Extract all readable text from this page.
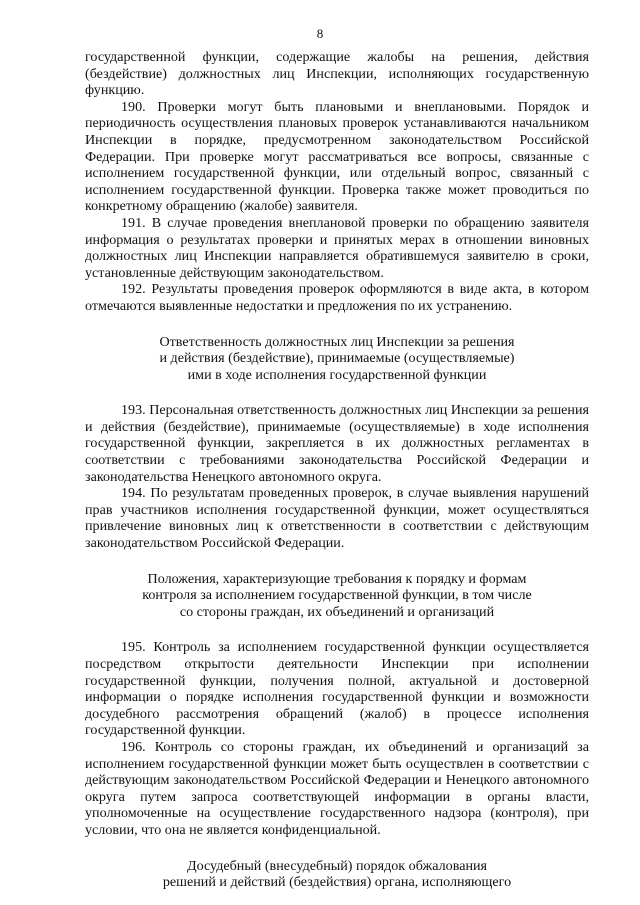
8

государственной функции, содержащие жалобы на решения, действия (бездействие) должностных лиц Инспекции, исполняющих государственную функцию.

190. Проверки могут быть плановыми и внеплановыми. Порядок и периодичность осуществления плановых проверок устанавливаются начальником Инспекции в порядке, предусмотренном законодательством Российской Федерации. При проверке могут рассматриваться все вопросы, связанные с исполнением государственной функции, или отдельный вопрос, связанный с исполнением государственной функции. Проверка также может проводиться по конкретному обращению (жалобе) заявителя.

191. В случае проведения внеплановой проверки по обращению заявителя информация о результатах проверки и принятых мерах в отношении виновных должностных лиц Инспекции направляется обратившемуся заявителю в сроки, установленные действующим законодательством.

192. Результаты проведения проверок оформляются в виде акта, в котором отмечаются выявленные недостатки и предложения по их устранению.

Ответственность должностных лиц Инспекции за решения

и действия (бездействие), принимаемые (осуществляемые)

ими в ходе исполнения государственной функции

193. Персональная ответственность должностных лиц Инспекции за решения и действия (бездействие), принимаемые (осуществляемые) в ходе исполнения государственной функции, закрепляется в их должностных регламентах в соответствии с требованиями законодательства Российской Федерации и законодательства Ненецкого автономного округа.

194. По результатам проведенных проверок, в случае выявления нарушений прав участников исполнения государственной функции, может осуществляться привлечение виновных лиц к ответственности в соответствии с действующим законодательством Российской Федерации.

Положения, характеризующие требования к порядку и формам

контроля за исполнением государственной функции, в том числе

со стороны граждан, их объединений и организаций

195. Контроль за исполнением государственной функции осуществляется посредством открытости деятельности Инспекции при исполнении государственной функции, получения полной, актуальной и достоверной информации о порядке исполнения государственной функции и возможности досудебного рассмотрения обращений (жалоб) в процессе исполнения государственной функции.

196. Контроль со стороны граждан, их объединений и организаций за исполнением государственной функции может быть осуществлен в соответствии с действующим законодательством Российской Федерации и Ненецкого автономного округа путем запроса соответствующей информации в органы власти, уполномоченные на осуществление государственного надзора (контроля), при условии, что она не является конфиденциальной.

Досудебный (внесудебный) порядок обжалования

решений и действий (бездействия) органа, исполняющего
